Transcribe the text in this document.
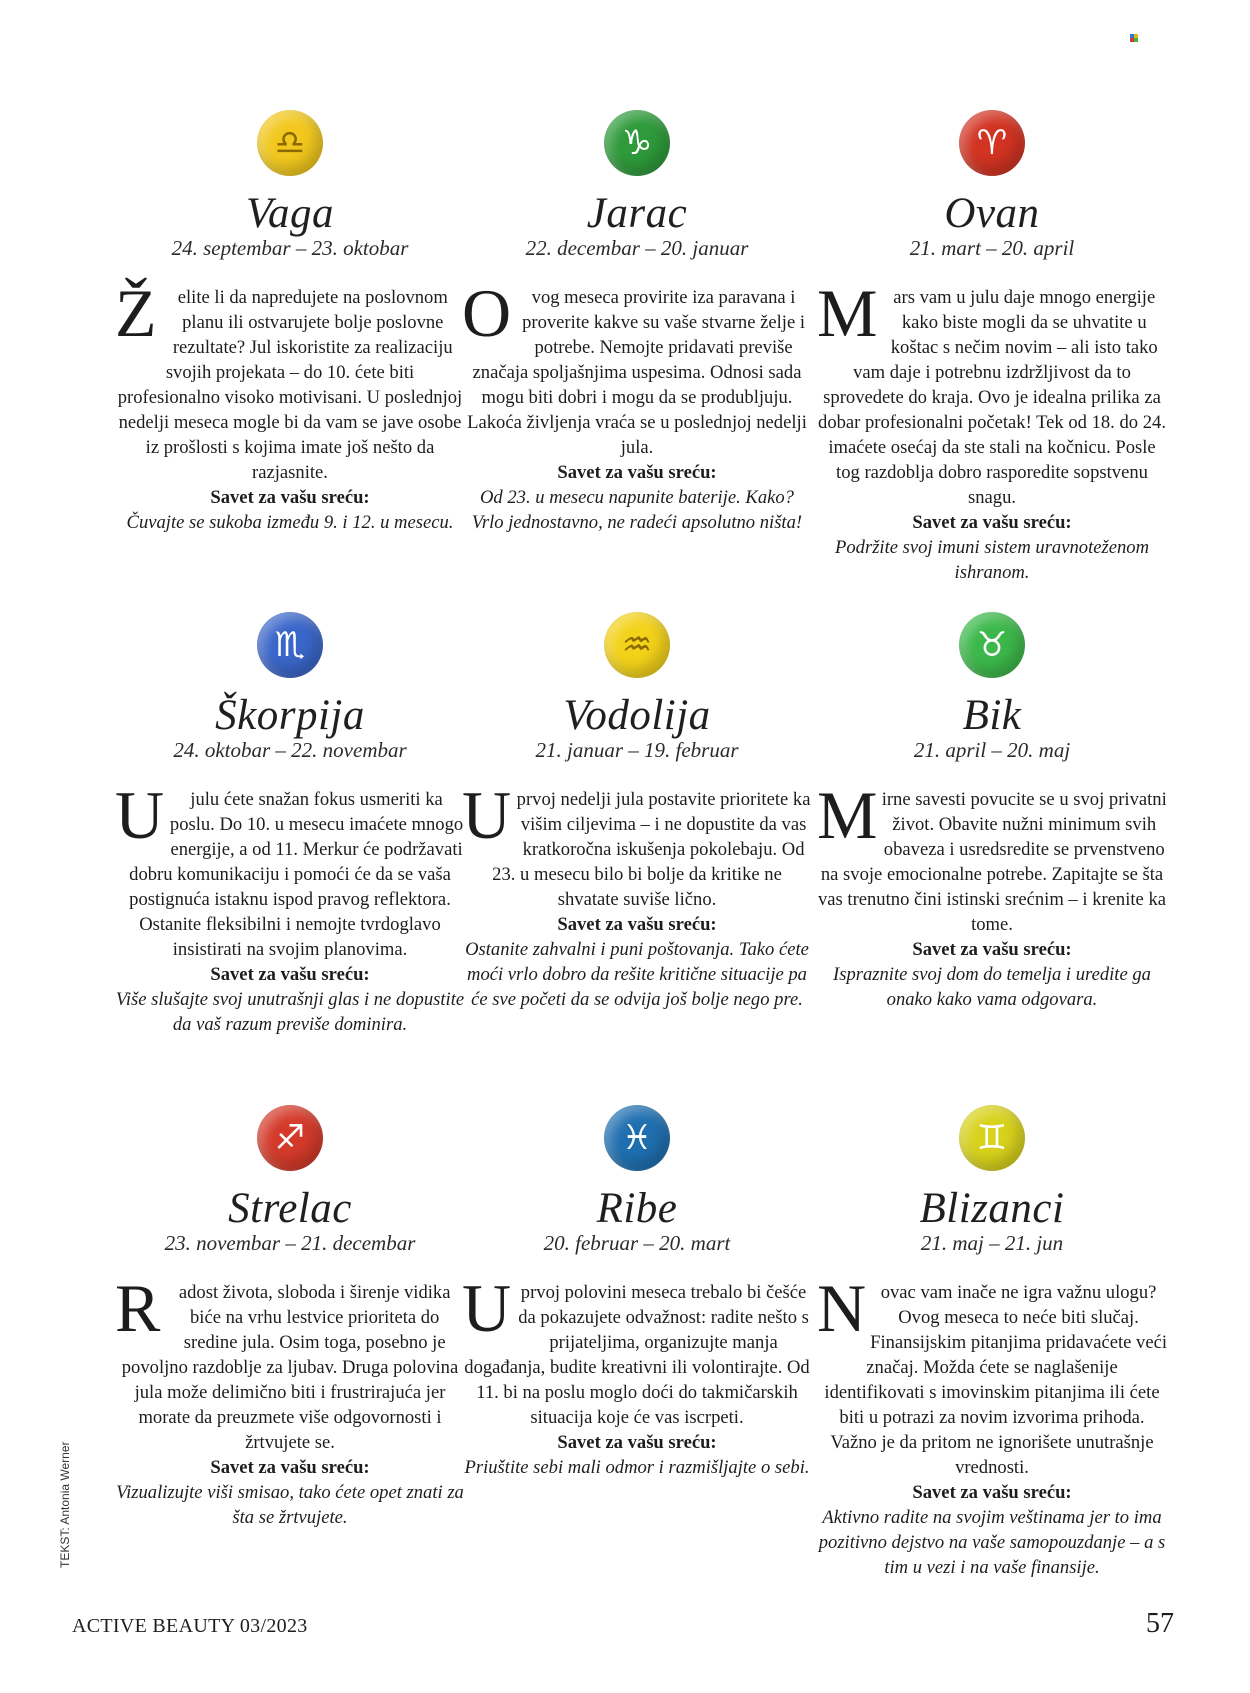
♎
Vaga
24. septembar – 23. oktobar
Ž elite li da napredujete na poslovnom planu ili ostvarujete bolje poslovne rezultate? Jul iskoristite za realizaciju svojih projekata – do 10. ćete biti profesionalno visoko motivisani. U poslednjoj nedelji meseca mogle bi da vam se jave osobe iz prošlosti s kojima imate još nešto da razjasnite.
Savet za vašu sreću:
Čuvajte se sukoba između 9. i 12. u mesecu.
♑
Jarac
22. decembar – 20. januar
O vog meseca provirite iza paravana i proverite kakve su vaše stvarne želje i potrebe. Nemojte pridavati previše značaja spoljašnjima uspesima. Odnosi sada mogu biti dobri i mogu da se produbljuju. Lakoća življenja vraća se u poslednjoj nedelji jula.
Savet za vašu sreću:
Od 23. u mesecu napunite baterije. Kako? Vrlo jednostavno, ne radeći apsolutno ništa!
♈
Ovan
21. mart – 20. april
Mars vam u julu daje mnogo energije kako biste mogli da se uhvatite u koštac s nečim novim – ali isto tako vam daje i potrebnu izdržljivost da to sprovedete do kraja. Ovo je idealna prilika za dobar profesionalni početak! Tek od 18. do 24. imaćete osećaj da ste stali na kočnicu. Posle tog razdoblja dobro rasporedite sopstvenu snagu.
Savet za vašu sreću:
Podržite svoj imuni sistem uravnoteženom ishranom.
♏
Škorpija
24. oktobar – 22. novembar
U julu ćete snažan fokus usmeriti ka poslu. Do 10. u mesecu imaćete mnogo energije, a od 11. Merkur će podržavati dobru komunikaciju i pomoći će da se vaša postignuća istaknu ispod pravog reflektora. Ostanite fleksibilni i nemojte tvrdoglavo insistirati na svojim planovima.
Savet za vašu sreću:
Više slušajte svoj unutrašnji glas i ne dopustite da vaš razum previše dominira.
♒
Vodolija
21. januar – 19. februar
Uprvoj nedelji jula postavite prioritete ka višim ciljevima – i ne dopustite da vas kratkoročna iskušenja pokolebaju. Od 23. u mesecu bilo bi bolje da kritike ne shvatate suviše lično.
Savet za vašu sreću:
Ostanite zahvalni i puni poštovanja. Tako ćete moći vrlo dobro da rešite kritične situacije pa će sve početi da se odvija još bolje nego pre.
♉
Bik
21. april – 20. maj
Mirne savesti povucite se u svoj privatni život. Obavite nužni minimum svih obaveza i usredsredite se prvenstveno na svoje emocionalne potrebe. Zapitajte se šta vas trenutno čini istinski srećnim – i krenite ka tome.
Savet za vašu sreću:
Ispraznite svoj dom do temelja i uredite ga onako kako vama odgovara.
♐
Strelac
23. novembar – 21. decembar
Radost života, sloboda i širenje vidika biće na vrhu lestvice prioriteta do sredine jula. Osim toga, posebno je povoljno razdoblje za ljubav. Druga polovina jula može delimično biti i frustrirajuća jer morate da preuzmete više odgovornosti i žrtvujete se.
Savet za vašu sreću:
Vizualizujte viši smisao, tako ćete opet znati za šta se žrtvujete.
♓
Ribe
20. februar – 20. mart
Uprvoj polovini meseca trebalo bi češće da pokazujete odvažnost: radite nešto s prijateljima, organizujte manja događanja, budite kreativni ili volontirajte. Od 11. bi na poslu moglo doći do takmičarskih situacija koje će vas iscrpeti.
Savet za vašu sreću:
Priuštite sebi mali odmor i razmišljajte o sebi.
♊
Blizanci
21. maj – 21. jun
Novac vam inače ne igra važnu ulogu? Ovog meseca to neće biti slučaj. Finansijskim pitanjima pridavaćete veći značaj. Možda ćete se naglašenije identifikovati s imovinskim pitanjima ili ćete biti u potrazi za novim izvorima prihoda. Važno je da pritom ne ignorišete unutrašnje vrednosti.
Savet za vašu sreću:
Aktivno radite na svojim veštinama jer to ima pozitivno dejstvo na vaše samopouzdanje – a s tim u vezi i na vaše finansije.
TEKST: Antonia Werner
ACTIVE BEAUTY 03/2023	57
